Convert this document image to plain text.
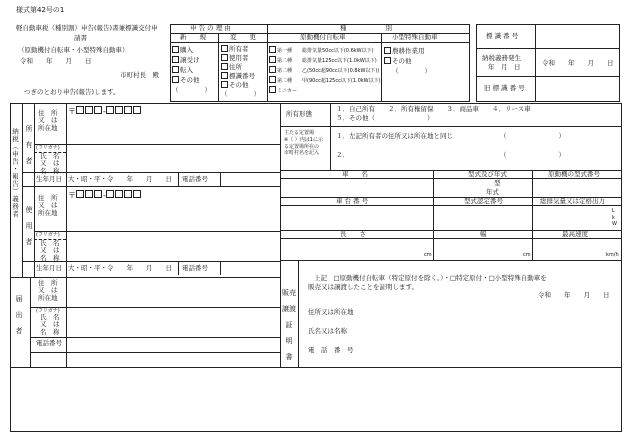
様式第42号の1
軽自動車税（種別割）申告(報告)書兼標識交付申
請書
（原動機付自転車・小型特殊自動車）
令和　　年　　月　　日
市町村長　殿
つぎのとおり申告(報告)します。
申 告 の 理 由	種　　　　　　別
新　　規	変　　更	原動機付自転車	小型特殊自動車
購入
譲受け
転入
その他
（　　　　）
所有者
使用者
住所
標識番号
その他
（　　　　）
第一種　　総排気量50cc以下(0.6kW以下)
第二種　　総排気量125cc以下(1.0kW以下)
第二種　　乙(50cc超90cc以下(0.8kW以下))
第二種　　甲(90cc超125cc以下(1.0kW以下))
ミニカー
農耕作業用
その他
（　　　　）
標 識 番 号
納税義務発生
年　月　日	令和　　年　　月　　日
旧 標 識 番 号
納税（申告・報告）義務者 所　有　者
使　用　者
届　出　者
住　所
又　は
所在地
〒	-
(フリガナ)
氏　名
又　は
名　称
生年月日 大・昭・平・令　　年　　月　　日 電話番号
住　所
又　は
所在地
〒	-
(フリガナ)
氏　名
又　は
名　称
生年月日 大・昭・平・令　　年　　月　　日 電話番号
住　所
又　は
所在地
(フリガナ)
氏　名
又　は
名　称
電話番号
所有形態
１．自己所有　　２．所有権留保　　３．商品車　　４．リース車
５．その他（　　　　　　　　）
主たる定置場
※（ ）内は1に示
る定置場所在の
市町村名を記入
１．左記所有者の住所又は所在地と同じ	（　　　　　　　　）
２．	（　　　　　　　　）
車　　名	型式及び年式	原動機の型式番号
型
年式
車 台 番 号	型式認定番号	総排気量又は定格出力
L
k
W
長　　さ	幅	最高速度
cm	cm	km/h
販売
譲渡
証
明
書
上記　□原動機付自転車（特定原付を除く。）・□特定原付・□小型特殊自動車を
販売又は譲渡したことを証明します。
令和　　年　　月　　日
住所又は所在地
氏名又は名称
電　話　番　号
